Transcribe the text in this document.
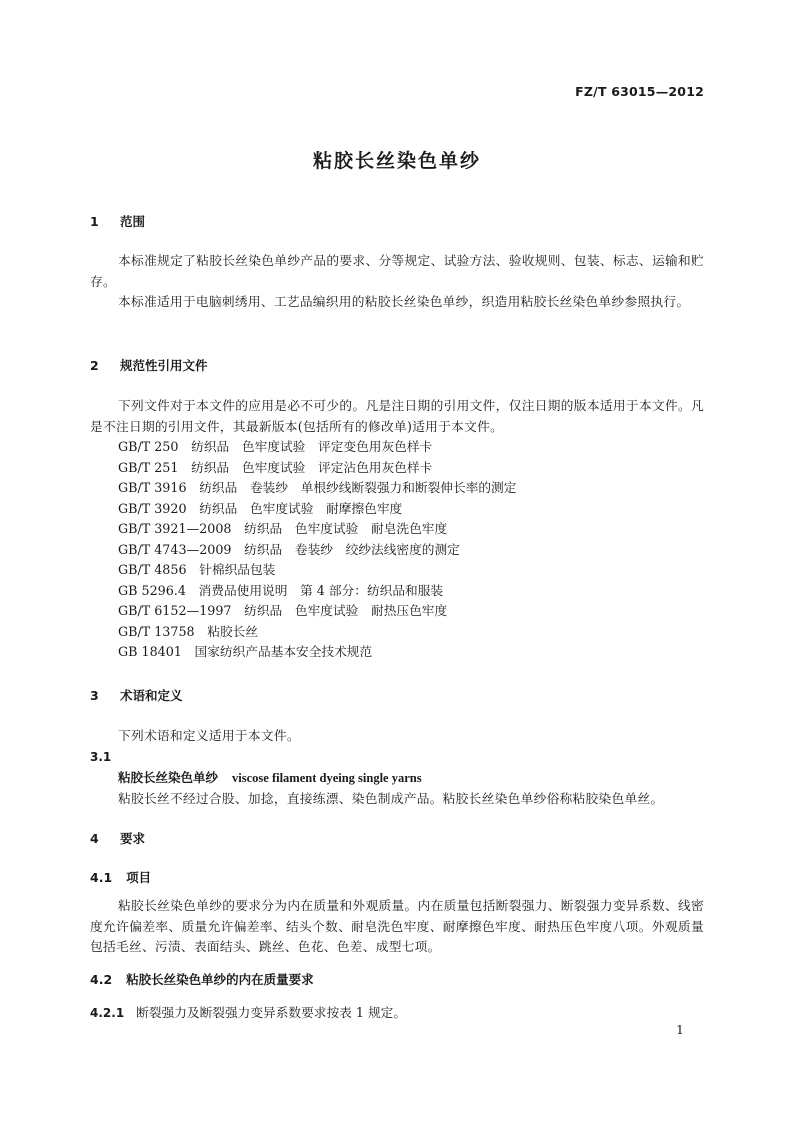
FZ/T 63015—2012
粘胶长丝染色单纱
1 范围
本标准规定了粘胶长丝染色单纱产品的要求、分等规定、试验方法、验收规则、包装、标志、运输和贮存。
本标准适用于电脑刺绣用、工艺品编织用的粘胶长丝染色单纱，织造用粘胶长丝染色单纱参照执行。
2 规范性引用文件
下列文件对于本文件的应用是必不可少的。凡是注日期的引用文件，仅注日期的版本适用于本文件。凡是不注日期的引用文件，其最新版本(包括所有的修改单)适用于本文件。
GB/T 250　纺织品　色牢度试验　评定变色用灰色样卡
GB/T 251　纺织品　色牢度试验　评定沾色用灰色样卡
GB/T 3916　纺织品　卷装纱　单根纱线断裂强力和断裂伸长率的测定
GB/T 3920　纺织品　色牢度试验　耐摩擦色牢度
GB/T 3921—2008　纺织品　色牢度试验　耐皂洗色牢度
GB/T 4743—2009　纺织品　卷装纱　绞纱法线密度的测定
GB/T 4856　针棉织品包装
GB 5296.4　消费品使用说明　第 4 部分：纺织品和服装
GB/T 6152—1997　纺织品　色牢度试验　耐热压色牢度
GB/T 13758　粘胶长丝
GB 18401　国家纺织产品基本安全技术规范
3 术语和定义
下列术语和定义适用于本文件。
3.1
粘胶长丝染色单纱 viscose filament dyeing single yarns
粘胶长丝不经过合股、加捻，直接练漂、染色制成产品。粘胶长丝染色单纱俗称粘胶染色单丝。
4 要求
4.1 项目
粘胶长丝染色单纱的要求分为内在质量和外观质量。内在质量包括断裂强力、断裂强力变异系数、线密度允许偏差率、质量允许偏差率、结头个数、耐皂洗色牢度、耐摩擦色牢度、耐热压色牢度八项。外观质量包括毛丝、污渍、表面结头、跳丝、色花、色差、成型七项。
4.2 粘胶长丝染色单纱的内在质量要求
4.2.1 断裂强力及断裂强力变异系数要求按表 1 规定。
1
